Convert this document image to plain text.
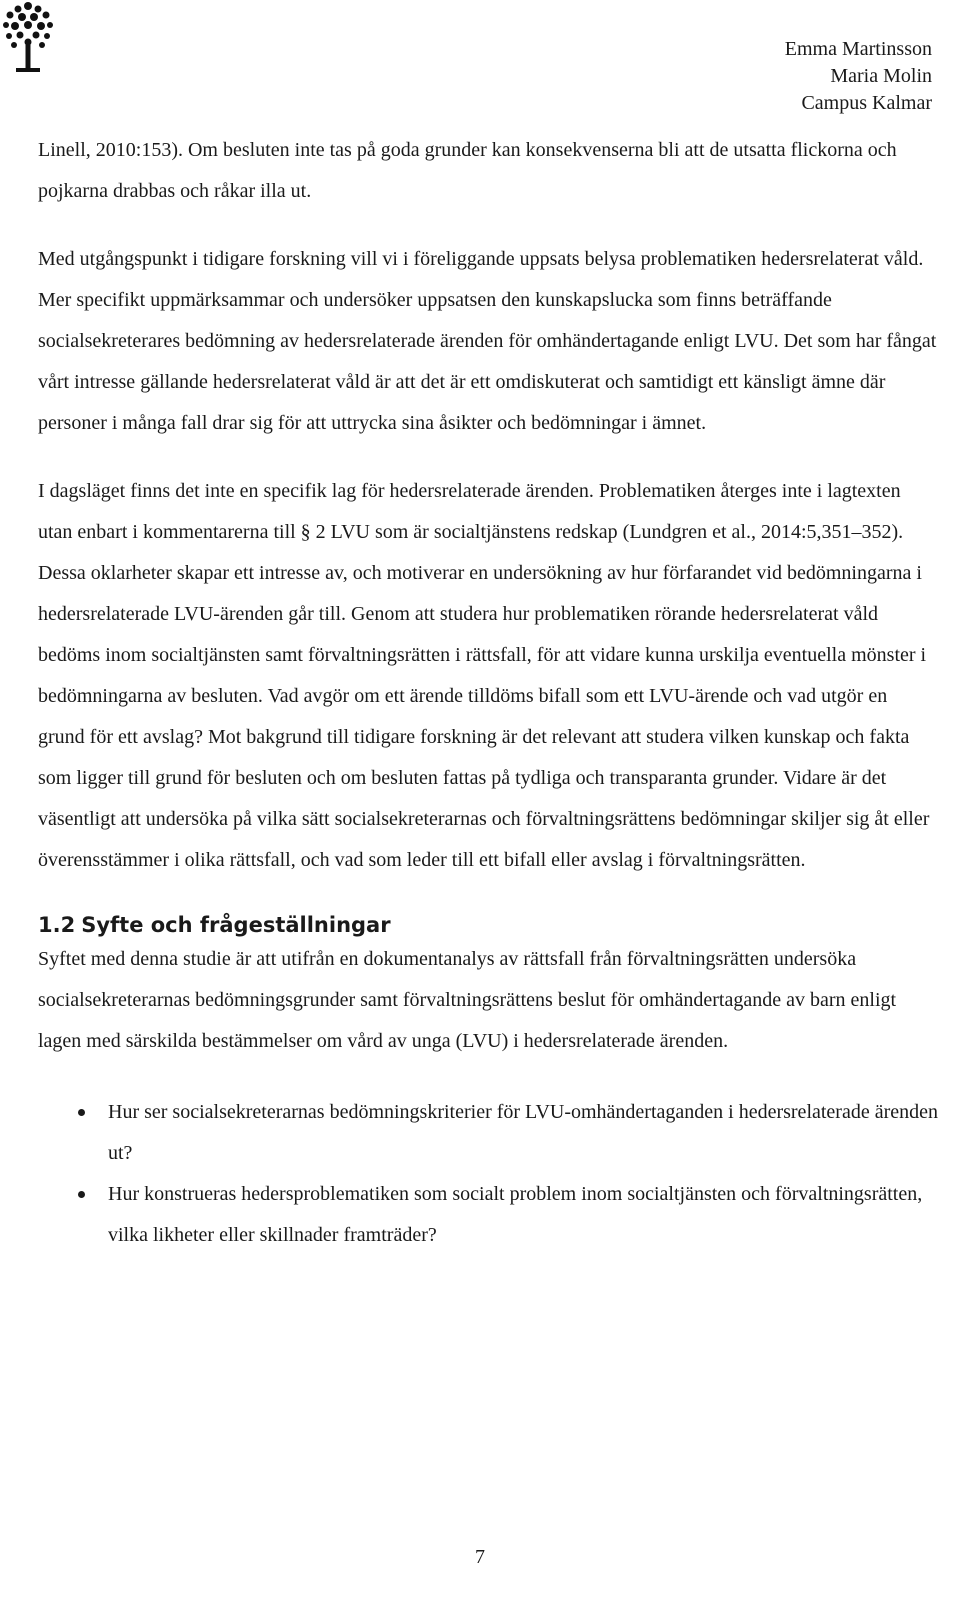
Emma Martinsson
Maria Molin
Campus Kalmar

Linell, 2010:153). Om besluten inte tas på goda grunder kan konsekvenserna bli att de utsatta flickorna och pojkarna drabbas och råkar illa ut.

Med utgångspunkt i tidigare forskning vill vi i föreliggande uppsats belysa problematiken hedersrelaterat våld. Mer specifikt uppmärksammar och undersöker uppsatsen den kunskapslucka som finns beträffande socialsekreterares bedömning av hedersrelaterade ärenden för omhändertagande enligt LVU. Det som har fångat vårt intresse gällande hedersrelaterat våld är att det är ett omdiskuterat och samtidigt ett känsligt ämne där personer i många fall drar sig för att uttrycka sina åsikter och bedömningar i ämnet.

I dagsläget finns det inte en specifik lag för hedersrelaterade ärenden. Problematiken återges inte i lagtexten utan enbart i kommentarerna till § 2 LVU som är socialtjänstens redskap (Lundgren et al., 2014:5,351–352). Dessa oklarheter skapar ett intresse av, och motiverar en undersökning av hur förfarandet vid bedömningarna i hedersrelaterade LVU-ärenden går till. Genom att studera hur problematiken rörande hedersrelaterat våld bedöms inom socialtjänsten samt förvaltningsrätten i rättsfall, för att vidare kunna urskilja eventuella mönster i bedömningarna av besluten. Vad avgör om ett ärende tilldöms bifall som ett LVU-ärende och vad utgör en grund för ett avslag? Mot bakgrund till tidigare forskning är det relevant att studera vilken kunskap och fakta som ligger till grund för besluten och om besluten fattas på tydliga och transparanta grunder. Vidare är det väsentligt att undersöka på vilka sätt socialsekreterarnas och förvaltningsrättens bedömningar skiljer sig åt eller överensstämmer i olika rättsfall, och vad som leder till ett bifall eller avslag i förvaltningsrätten.

1.2 Syfte och frågeställningar

Syftet med denna studie är att utifrån en dokumentanalys av rättsfall från förvaltningsrätten undersöka socialsekreterarnas bedömningsgrunder samt förvaltningsrättens beslut för omhändertagande av barn enligt lagen med särskilda bestämmelser om vård av unga (LVU) i hedersrelaterade ärenden.

Hur ser socialsekreterarnas bedömningskriterier för LVU-omhändertaganden i hedersrelaterade ärenden ut?
Hur konstrueras hedersproblematiken som socialt problem inom socialtjänsten och förvaltningsrätten, vilka likheter eller skillnader framträder?
7
